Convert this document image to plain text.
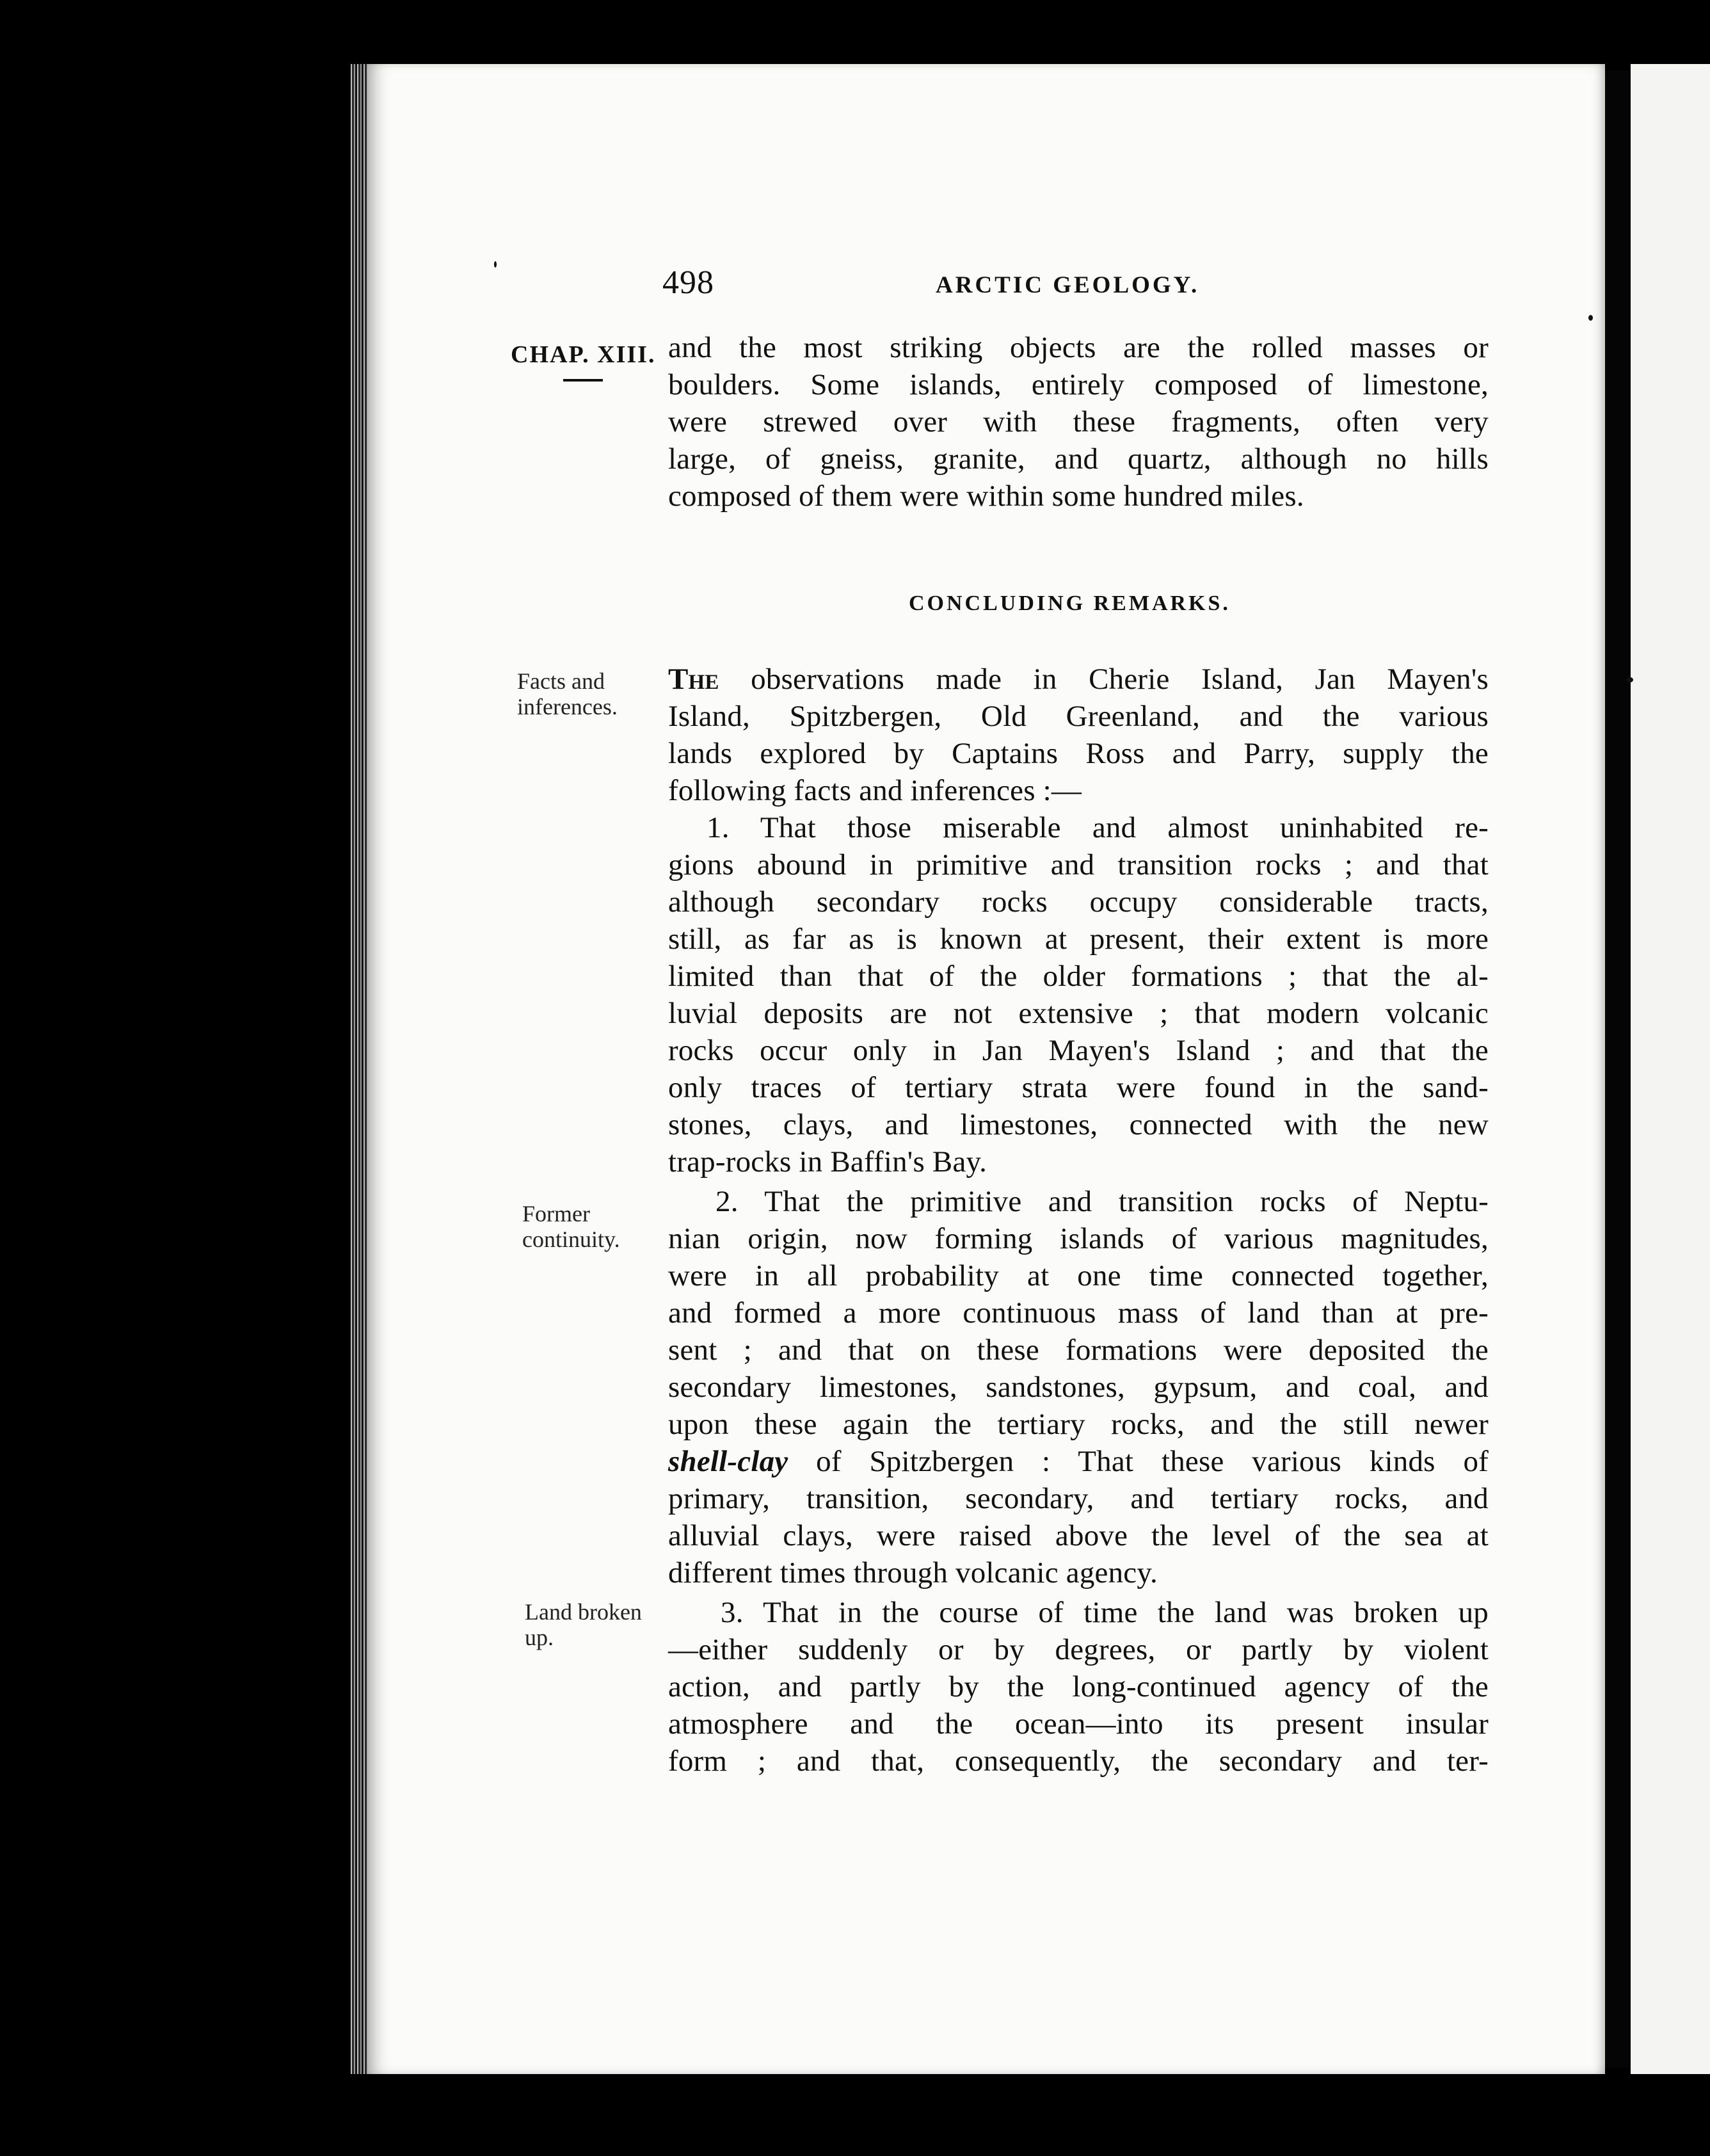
498	ARCTIC GEOLOGY.
CHAP. XIII. and the most striking objects are the rolled masses or
boulders. Some islands, entirely composed of limestone,
were strewed over with these fragments, often very
large, of gneiss, granite, and quartz, although no hills
composed of them were within some hundred miles.
CONCLUDING REMARKS.
Facts and inferences.
Former continuity.
Land broken up.
The observations made in Cherie Island, Jan Mayen's
Island, Spitzbergen, Old Greenland, and the various
lands explored by Captains Ross and Parry, supply the
following facts and inferences :—
1. That those miserable and almost uninhabited re-
gions abound in primitive and transition rocks ; and that
although secondary rocks occupy considerable tracts,
still, as far as is known at present, their extent is more
limited than that of the older formations ; that the al-
luvial deposits are not extensive ; that modern volcanic
rocks occur only in Jan Mayen's Island ; and that the
only traces of tertiary strata were found in the sand-
stones, clays, and limestones, connected with the new
trap-rocks in Baffin's Bay.
2. That the primitive and transition rocks of Neptu-
nian origin, now forming islands of various magnitudes,
were in all probability at one time connected together,
and formed a more continuous mass of land than at pre-
sent ; and that on these formations were deposited the
secondary limestones, sandstones, gypsum, and coal, and
upon these again the tertiary rocks, and the still newer
shell-clay of Spitzbergen : That these various kinds of
primary, transition, secondary, and tertiary rocks, and
alluvial clays, were raised above the level of the sea at
different times through volcanic agency.
3. That in the course of time the land was broken up
—either suddenly or by degrees, or partly by violent
action, and partly by the long-continued agency of the
atmosphere and the ocean—into its present insular
form ; and that, consequently, the secondary and ter-
